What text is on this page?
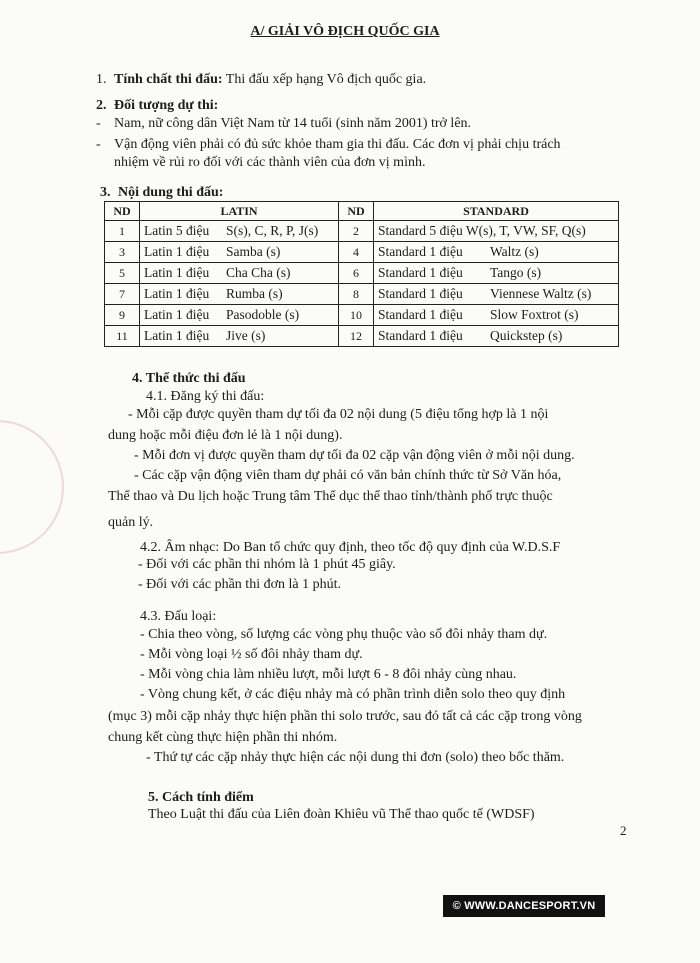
A/ GIẢI VÔ ĐỊCH QUỐC GIA
1. Tính chất thi đấu: Thi đấu xếp hạng Vô địch quốc gia.
2. Đối tượng dự thi:
- Nam, nữ công dân Việt Nam từ 14 tuổi (sinh năm 2001) trở lên.
- Vận động viên phải có đủ sức khỏe tham gia thi đấu. Các đơn vị phải chịu trách
nhiệm về rủi ro đối với các thành viên của đơn vị mình.
3. Nội dung thi đấu:
ND	LATIN	ND	STANDARD
1	Latin 5 điệu S(s), C, R, P, J(s)	2	Standard 5 điệu W(s), T, VW, SF, Q(s)
3	Latin 1 điệu Samba (s)	4	Standard 1 điệu Waltz (s)
5	Latin 1 điệu Cha Cha (s)	6	Standard 1 điệu Tango (s)
7	Latin 1 điệu Rumba (s)	8	Standard 1 điệu Viennese Waltz (s)
9	Latin 1 điệu Pasodoble (s)	10	Standard 1 điệu Slow Foxtrot (s)
11	Latin 1 điệu Jive (s)	12	Standard 1 điệu Quickstep (s)
4. Thể thức thi đấu
4.1. Đăng ký thi đấu:
- Mỗi cặp được quyền tham dự tối đa 02 nội dung (5 điệu tổng hợp là 1 nội
dung hoặc mỗi điệu đơn lẻ là 1 nội dung).
- Mỗi đơn vị được quyền tham dự tối đa 02 cặp vận động viên ở mỗi nội dung.
- Các cặp vận động viên tham dự phải có văn bản chính thức từ Sở Văn hóa,
Thể thao và Du lịch hoặc Trung tâm Thể dục thể thao tỉnh/thành phố trực thuộc
quản lý.
4.2. Âm nhạc: Do Ban tổ chức quy định, theo tốc độ quy định của W.D.S.F
- Đối với các phần thi nhóm là 1 phút 45 giây.
- Đối với các phần thi đơn là 1 phút.
4.3. Đấu loại:
- Chia theo vòng, số lượng các vòng phụ thuộc vào số đôi nhảy tham dự.
- Mỗi vòng loại ½ số đôi nhảy tham dự.
- Mỗi vòng chia làm nhiều lượt, mỗi lượt 6 - 8 đôi nhảy cùng nhau.
- Vòng chung kết, ở các điệu nhảy mà có phần trình diễn solo theo quy định
(mục 3) mỗi cặp nhảy thực hiện phần thi solo trước, sau đó tất cả các cặp trong vòng
chung kết cùng thực hiện phần thi nhóm.
- Thứ tự các cặp nhảy thực hiện các nội dung thi đơn (solo) theo bốc thăm.
5. Cách tính điểm
Theo Luật thi đấu của Liên đoàn Khiêu vũ Thể thao quốc tế (WDSF)
2
© WWW.DANCESPORT.VN
